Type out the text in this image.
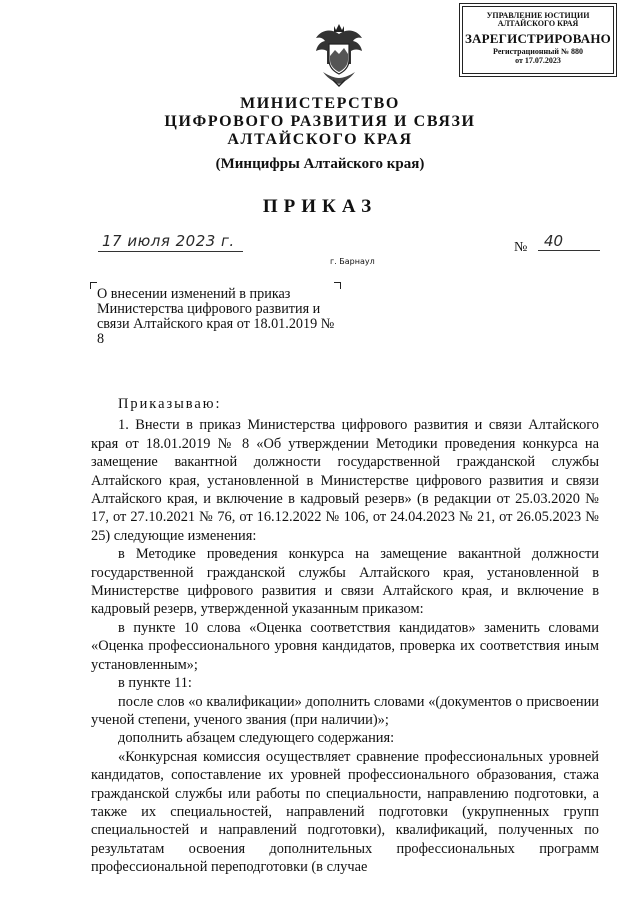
УПРАВЛЕНИЕ ЮСТИЦИИ
АЛТАЙСКОГО КРАЯ
ЗАРЕГИСТРИРОВАНО
Регистрационный № 880
от 17.07.2023
МИНИСТЕРСТВО
ЦИФРОВОГО РАЗВИТИЯ И СВЯЗИ
АЛТАЙСКОГО КРАЯ
(Минцифры Алтайского края)
ПРИКАЗ
17 июля 2023 г.	№	40
г. Барнаул
О внесении изменений в приказ Министерства цифрового развития и связи Алтайского края от 18.01.2019 № 8

Приказываю:

1. Внести в приказ Министерства цифрового развития и связи Алтайского края от 18.01.2019 № 8 «Об утверждении Методики проведения конкурса на замещение вакантной должности государственной гражданской службы Алтайского края, установленной в Министерстве цифрового развития и связи Алтайского края, и включение в кадровый резерв» (в редакции от 25.03.2020 № 17, от 27.10.2021 № 76, от 16.12.2022 № 106, от 24.04.2023 № 21, от 26.05.2023 № 25) следующие изменения:

в Методике проведения конкурса на замещение вакантной должности государственной гражданской службы Алтайского края, установленной в Министерстве цифрового развития и связи Алтайского края, и включение в кадровый резерв, утвержденной указанным приказом:

в пункте 10 слова «Оценка соответствия кандидатов» заменить словами «Оценка профессионального уровня кандидатов, проверка их соответствия иным установленным»;

в пункте 11:

после слов «о квалификации» дополнить словами «(документов о присвоении ученой степени, ученого звания (при наличии)»;

дополнить абзацем следующего содержания:

«Конкурсная комиссия осуществляет сравнение профессиональных уровней кандидатов, сопоставление их уровней профессионального образования, стажа гражданской службы или работы по специальности, направлению подготовки, а также их специальностей, направлений подготовки (укрупненных групп специальностей и направлений подготовки), квалификаций, полученных по результатам освоения дополнительных профессиональных программ профессиональной переподготовки (в случае
